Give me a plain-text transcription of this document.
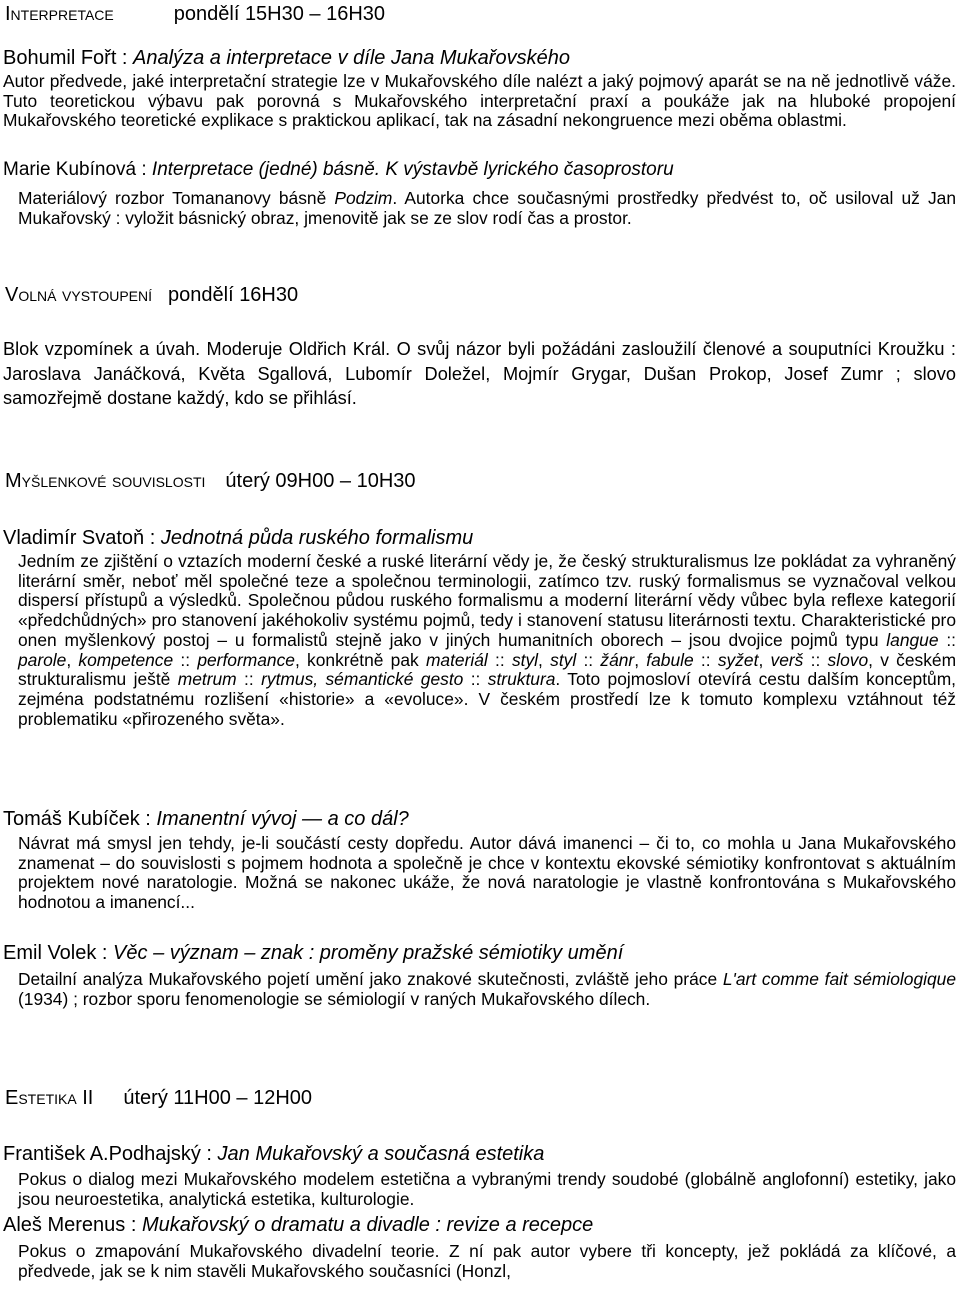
Interpretace	pondělí 15H30 – 16H30
Bohumil Fořt : Analýza a interpretace v díle Jana Mukařovského

Autor předvede, jaké interpretační strategie lze v Mukařovského díle nalézt a jaký pojmový aparát se na ně jednotlivě váže. Tuto teoretickou výbavu pak porovná s Mukařovského interpretační praxí a poukáže jak na hluboké propojení Mukařovského teoretické explikace s praktickou aplikací, tak na zásadní nekongruence mezi oběma oblastmi.

Marie Kubínová : Interpretace (jedné) básně. K výstavbě lyrického časoprostoru

Materiálový rozbor Tomananovy básně Podzim. Autorka chce současnými prostředky předvést to, oč usiloval už Jan Mukařovský : vyložit básnický obraz, jmenovitě jak se ze slov rodí čas a prostor.

Volná vystoupení pondělí 16H30

Blok vzpomínek a úvah. Moderuje Oldřich Král. O svůj názor byli požádáni zasloužilí členové a souputníci Kroužku : Jaroslava Janáčková, Květa Sgallová, Lubomír Doležel, Mojmír Grygar, Dušan Prokop, Josef Zumr ; slovo samozřejmě dostane každý, kdo se přihlásí.

Myšlenkové souvislosti úterý 09H00 – 10H30
Vladimír Svatoň : Jednotná půda ruského formalismu

Jedním ze zjištění o vztazích moderní české a ruské literární vědy je, že český strukturalismus lze pokládat za vyhraněný literární směr, neboť měl společné teze a společnou terminologii, zatímco tzv. ruský formalismus se vyznačoval velkou dispersí přístupů a výsledků. Společnou půdou ruského formalismu a moderní literární vědy vůbec byla reflexe kategorií «předchůdných» pro stanovení jakéhokoliv systému pojmů, tedy i stanovení statusu literárnosti textu. Charakteristické pro onen myšlenkový postoj – u formalistů stejně jako v jiných humanitních oborech – jsou dvojice pojmů typu langue :: parole, kompetence :: performance, konkrétně pak materiál :: styl, styl :: žánr, fabule :: syžet, verš :: slovo, v českém strukturalismu ještě metrum :: rytmus, sémantické gesto :: struktura. Toto pojmosloví otevírá cestu dalším konceptům, zejména podstatnému rozlišení «historie» a «evoluce». V českém prostředí lze k tomuto komplexu vztáhnout též problematiku «přirozeného světa».

Tomáš Kubíček : Imanentní vývoj — a co dál?

Návrat má smysl jen tehdy, je-li součástí cesty dopředu. Autor dává imanenci – či to, co mohla u Jana Mukařovského znamenat – do souvislosti s pojmem hodnota a společně je chce v kontextu ekovské sémiotiky konfrontovat s aktuálním projektem nové naratologie. Možná se nakonec ukáže, že nová naratologie je vlastně konfrontována s Mukařovského hodnotou a imanencí...

Emil Volek : Věc – význam – znak : proměny pražské sémiotiky umění

Detailní analýza Mukařovského pojetí umění jako znakové skutečnosti, zvláště jeho práce L'art comme fait sémiologique (1934) ; rozbor sporu fenomenologie se sémiologií v raných Mukařovského dílech.

Estetika II úterý 11H00 – 12H00
František A.Podhajský : Jan Mukařovský a současná estetika

Pokus o dialog mezi Mukařovského modelem estetična a vybranými trendy soudobé (globálně anglofonní) estetiky, jako jsou neuroestetika, analytická estetika, kulturologie.

Aleš Merenus : Mukařovský o dramatu a divadle : revize a recepce

Pokus o zmapování Mukařovského divadelní teorie. Z ní pak autor vybere tři koncepty, jež pokládá za klíčové, a předvede, jak se k nim stavěli Mukařovského současníci (Honzl,
